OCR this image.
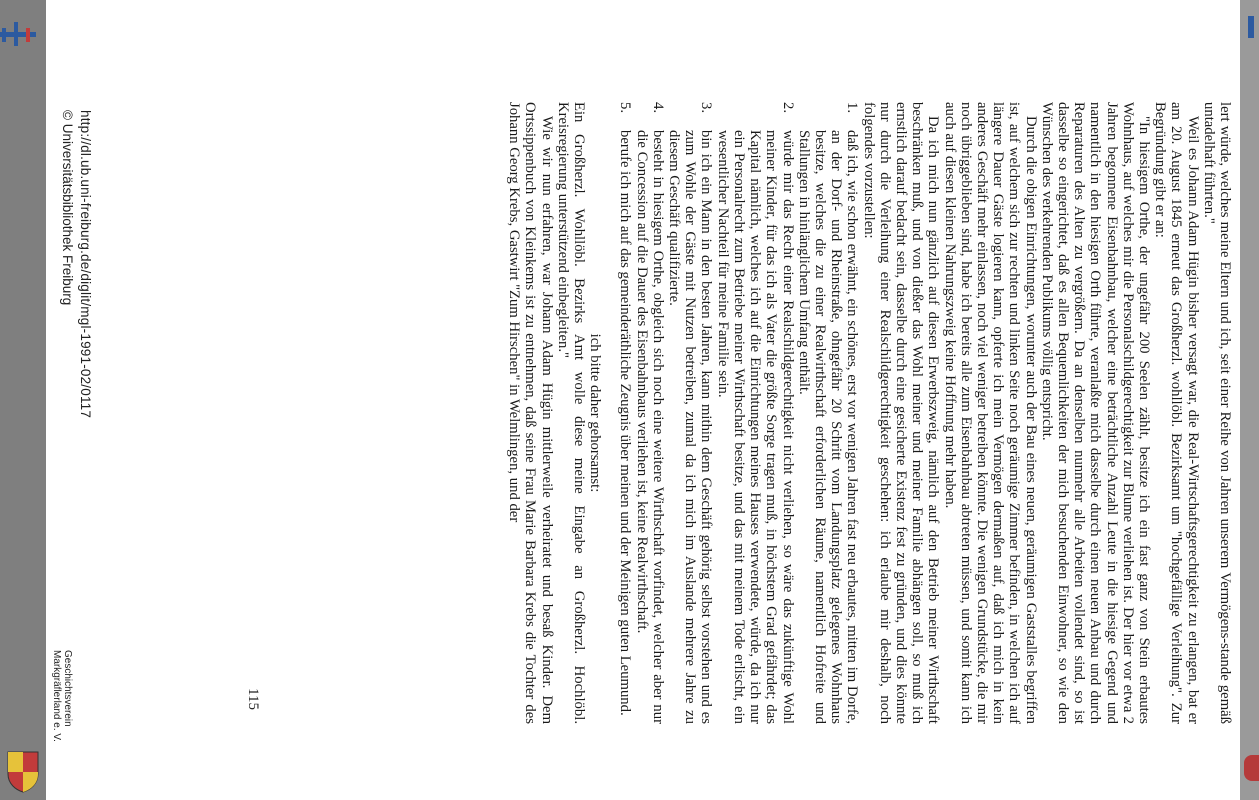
lert würde, welches meine Eltern und ich, seit einer Reihe von Jahren unserem Vermögens-stande gemäß untadelhaft führten."

Weil es Johann Adam Hügin bisher versagt war, die Real-Wirtschaftsgerechtigkeit zu erlangen, bat er am 20. August 1845 erneut das Großherzl. wohllöbl. Bezirksamt um "hochgefällige Verleihung". Zur Begründung gibt er an:

"In hiesigem Orthe, der ungefähr 200 Seelen zählt, besitze ich ein fast ganz von Stein erbautes Wohnhaus, auf welches mir die Personalschildgerechtigkeit zur Blume verliehen ist. Der hier vor etwa 2 Jahren begonnene Eisenbahnbau, welcher eine beträchtliche Anzahl Leute in die hiesige Gegend und namentlich in den hiesigen Orth führte, veranlaßte mich dasselbe durch einen neuen Anbau und durch Reparaturen des Alten zu vergrößern. Da an denselben nunmehr alle Arbeiten vollendet sind, so ist dasselbe so eingerichtet, daß es allen Bequemlichkeiten der mich besuchenden Einwohner, so wie den Wünschen des verkehrenden Publikums völlig entspricht.

Durch die obigen Einrichtungen, worunter auch der Bau eines neuen, geräumigen Gaststalles begriffen ist, auf welchem sich zur rechten und linken Seite noch geräumige Zimmer befinden, in welchen ich auf längere Dauer Gäste logieren kann, opferte ich mein Vermögen dermaßen auf, daß ich mich in kein anderes Geschäft mehr einlassen, noch viel weniger betreiben könnte. Die wenigen Grundstücke, die mir noch übriggeblieben sind, habe ich bereits alle zum Eisenbahnbau abtreten müssen, und somit kann ich auch auf diesen kleinen Nahrungszweig keine Hoffnung mehr haben.

Da ich mich nun gänzlich auf diesen Erwerbszweig, nämlich auf den Betrieb meiner Wirthschaft beschränken muß, und von dießer das Wohl meiner und meiner Familie abhängen soll, so muß ich ernstlich darauf bedacht sein, dasselbe durch eine gesicherte Existenz fest zu gründen, und dies könnte nur durch die Verleihung einer Realschildgerechtigkeit geschehen: ich erlaube mir deshalb, noch folgendes vorzustellen:

1.
daß ich, wie schon erwähnt, ein schönes, erst vor wenigen Jahren fast neu erbautes, mitten im Dorfe, an der Dorf- und Rheinstraße, ohngefähr 20 Schritt vom Landungsplatz gelegenes Wohnhaus besitze, welches die zu einer Realwirthschaft erforderlichen Räume, namentlich Hofreite und Stallungen in hinlänglichem Umfang enthält.
2.
würde mir das Recht einer Realschildgerechtigkeit nicht verliehen, so wäre das zukünftige Wohl meiner Kinder, für das ich als Vater die größte Sorge tragen muß, in höchstem Grad gefährdet; das Kapital nämlich, welches ich auf die Einrichtungen meines Hauses verwendete, würde, da ich nur ein Personalrecht zum Betriebe meiner Wirthschaft besitze, und das mit meinem Tode erlischt, ein wesentlicher Nachteil für meine Familie sein.
3.
bin ich ein Mann in den besten Jahren, kann mithin dem Geschäft gehörig selbst vorstehen und es zum Wohle der Gäste mit Nutzen betreiben, zumal da ich mich im Auslande mehrere Jahre zu diesem Geschäft qualifizierte.
4.
besteht in hiesigem Orthe, obgleich sich noch eine weitere Wirthschaft vorfindet, welcher aber nur die Concession auf die Dauer des Eisenbahnbaus verliehen ist, keine Realwirthschaft.
5.
berufe ich mich auf das gemeinderäthliche Zeugnis über meinen und der Meinigen guten Leumund.

ich bitte daher gehorsamst:

Ein Großherzl. Wohllöbl. Bezirks Amt wolle diese meine Eingabe an Großherzl. Hochlöbl. Kreisregierung unterstützend einbegleiten."

Wie wir nun erfahren, war Johann Adam Hügin mittlerweile verheiratet und besaß Kinder. Dem Ortssippenbuch von Kleinkems ist zu entnehmen, daß seine Frau Marie Barbara Krebs die Tochter des Johann Georg Krebs, Gastwirt "Zum Hirschen" in Welmlingen, und der

115
http://dl.ub.uni-freiburg.de/diglit/mgl-1991-02/0117
© Universitätsbibliothek Freiburg
Geschichtsverein
Markgräflerland e. V.
